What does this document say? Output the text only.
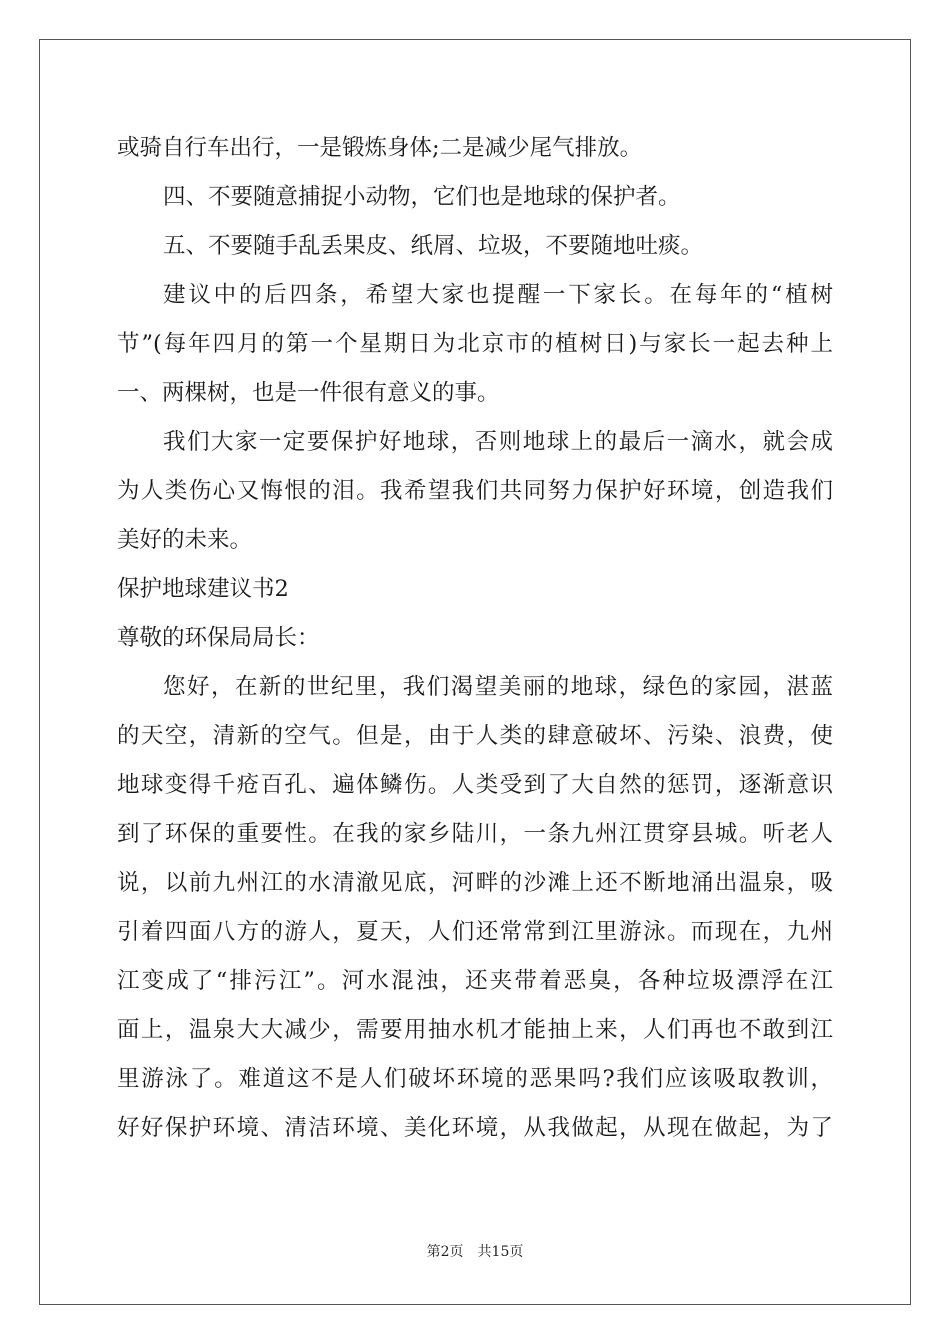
或骑自行车出行，一是锻炼身体;二是减少尾气排放。
四、不要随意捕捉小动物，它们也是地球的保护者。
五、不要随手乱丢果皮、纸屑、垃圾，不要随地吐痰。
建议中的后四条，希望大家也提醒一下家长。在每年的“植树
节”(每年四月的第一个星期日为北京市的植树日)与家长一起去种上
一、两棵树，也是一件很有意义的事。
我们大家一定要保护好地球，否则地球上的最后一滴水，就会成
为人类伤心又悔恨的泪。我希望我们共同努力保护好环境，创造我们
美好的未来。
保护地球建议书2
尊敬的环保局局长：
您好，在新的世纪里，我们渴望美丽的地球，绿色的家园，湛蓝
的天空，清新的空气。但是，由于人类的肆意破坏、污染、浪费，使
地球变得千疮百孔、遍体鳞伤。人类受到了大自然的惩罚，逐渐意识
到了环保的重要性。在我的家乡陆川，一条九州江贯穿县城。听老人
说，以前九州江的水清澈见底，河畔的沙滩上还不断地涌出温泉，吸
引着四面八方的游人，夏天，人们还常常到江里游泳。而现在，九州
江变成了“排污江”。河水混浊，还夹带着恶臭，各种垃圾漂浮在江
面上，温泉大大减少，需要用抽水机才能抽上来，人们再也不敢到江
里游泳了。难道这不是人们破坏环境的恶果吗?我们应该吸取教训，
好好保护环境、清洁环境、美化环境，从我做起，从现在做起，为了
第2页 共15页
